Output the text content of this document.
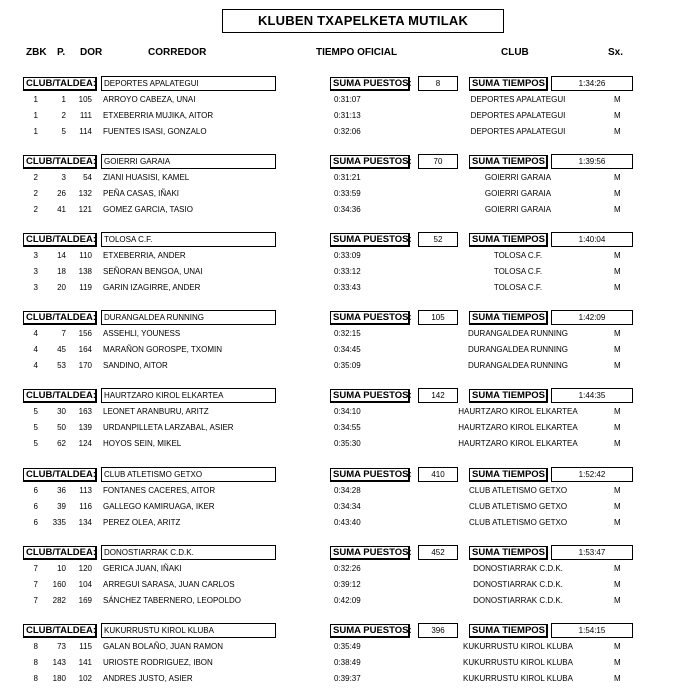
KLUBEN TXAPELKETA MUTILAK
ZBK P. DOR	CORREDOR	TIEMPO OFICIAL	CLUB	Sx.
CLUB/TALDEA: DEPORTES APALATEGUI	SUMA PUESTOS:	8	SUMA TIEMPOS:	1:34:26
1	1	105 ARROYO CABEZA, UNAI	0:31:07	DEPORTES APALATEGUI	M
1	2	111 ETXEBERRIA MUJIKA, AITOR	0:31:13	DEPORTES APALATEGUI	M
1	5	114 FUENTES ISASI, GONZALO	0:32:06	DEPORTES APALATEGUI	M
CLUB/TALDEA: GOIERRI GARAIA	SUMA PUESTOS:	70	SUMA TIEMPOS:	1:39:56
2	3	54 ZIANI HUASISI, KAMEL	0:31:21	GOIERRI GARAIA	M
2	26	132 PEÑA CASAS, IÑAKI	0:33:59	GOIERRI GARAIA	M
2	41	121 GOMEZ GARCIA, TASIO	0:34:36	GOIERRI GARAIA	M
CLUB/TALDEA: TOLOSA C.F.	SUMA PUESTOS:	52	SUMA TIEMPOS:	1:40:04
3	14	110 ETXEBERRIA, ANDER	0:33:09	TOLOSA C.F.	M
3	18	138 SEÑORAN BENGOA, UNAI	0:33:12	TOLOSA C.F.	M
3	20	119 GARIN IZAGIRRE, ANDER	0:33:43	TOLOSA C.F.	M
CLUB/TALDEA: DURANGALDEA RUNNING	SUMA PUESTOS:	105	SUMA TIEMPOS:	1:42:09
4	7	156 ASSEHLI, YOUNESS	0:32:15	DURANGALDEA RUNNING	M
4	45	164 MARAÑON GOROSPE, TXOMIN	0:34:45	DURANGALDEA RUNNING	M
4	53	170 SANDINO, AITOR	0:35:09	DURANGALDEA RUNNING	M
CLUB/TALDEA: HAURTZARO KIROL ELKARTEA	SUMA PUESTOS:	142	SUMA TIEMPOS:	1:44:35
5	30	163 LEONET ARANBURU, ARITZ	0:34:10	HAURTZARO KIROL ELKARTEA	M
5	50	139 URDANPILLETA LARZABAL, ASIER	0:34:55	HAURTZARO KIROL ELKARTEA	M
5	62	124 HOYOS SEIN, MIKEL	0:35:30	HAURTZARO KIROL ELKARTEA	M
CLUB/TALDEA: CLUB ATLETISMO GETXO	SUMA PUESTOS:	410	SUMA TIEMPOS:	1:52:42
6	36	113 FONTANES CACERES, AITOR	0:34:28	CLUB ATLETISMO GETXO	M
6	39	116 GALLEGO KAMIRUAGA, IKER	0:34:34	CLUB ATLETISMO GETXO	M
6	335	134 PEREZ OLEA, ARITZ	0:43:40	CLUB ATLETISMO GETXO	M
CLUB/TALDEA: DONOSTIARRAK C.D.K.	SUMA PUESTOS:	452	SUMA TIEMPOS:	1:53:47
7	10	120 GERICA JUAN, IÑAKI	0:32:26	DONOSTIARRAK C.D.K.	M
7	160	104 ARREGUI SARASA, JUAN CARLOS	0:39:12	DONOSTIARRAK C.D.K.	M
7	282	169 SÁNCHEZ TABERNERO, LEOPOLDO	0:42:09	DONOSTIARRAK C.D.K.	M
CLUB/TALDEA: KUKURRUSTU KIROL KLUBA	SUMA PUESTOS:	396	SUMA TIEMPOS:	1:54:15
8	73	115 GALAN BOLAÑO, JUAN RAMON	0:35:49	KUKURRUSTU KIROL KLUBA	M
8	143	141 URIOSTE RODRIGUEZ, IBON	0:38:49	KUKURRUSTU KIROL KLUBA	M
8	180	102 ANDRES JUSTO, ASIER	0:39:37	KUKURRUSTU KIROL KLUBA	M
